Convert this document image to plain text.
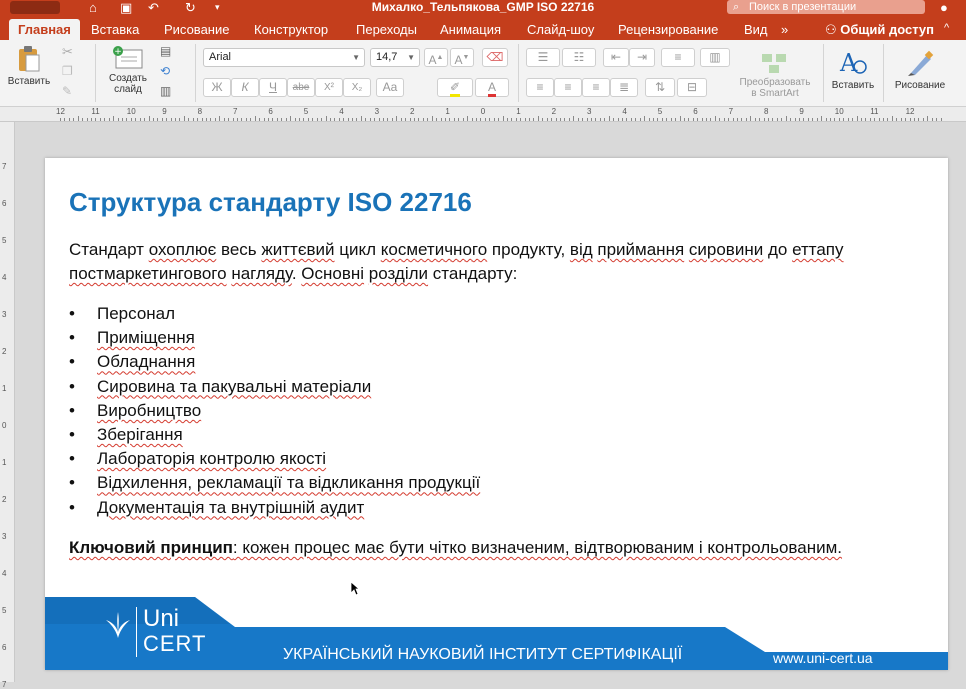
⌂ ▣ ↶ ↻ ▾	Михалко_Тельпякова_GMP ISO 22716	⌕ Поиск в презентации	●
Главная	Вставка Рисование Конструктор Переходы Анимация Слайд-шоу Рецензирование Вид »	⚇ Общий доступ ^
Вставить
✂
❐
✎
+
Создать
слайд
▤
⟲
▥
Arial	▼	14,7 ▼	A▲ A▼	⌫
Ж	К	Ч	abe	X²	X₂	Aa	✐	A
☰	☷	⇤	⇥	≡	▥
≡	≡	≡	≣	⇅	⊟	Преобразовать
в SmartArt
A
Вставить	Рисование
12	11	10	9	8	7	6	5	4	3	2	1	0	1	2	3	4	5	6	7	8	9	10	11	12
7
6
5
4
3
2
1
0
1
2
3
4
5
6
7
Структура стандарту ISO 22716
Стандарт охоплює весь життєвий цикл косметичного продукту, від приймання сировини до еттапу
постмаркетингового нагляду. Основні розділи стандарту:
• Персонал
• Приміщення
• Обладнання
• Сировина та пакувальні матеріали
• Виробництво
• Зберігання
• Лабораторія контролю якості
• Відхилення, рекламації та відкликання продукції
• Документація та внутрішній аудит
Ключовий принцип: кожен процес має бути чітко визначеним, відтворюваним і контрольованим.
Uni
CERT	УКРАЇНСЬКИЙ НАУКОВИЙ ІНСТИТУТ СЕРТИФІКАЦІЇ	www.uni-cert.ua
